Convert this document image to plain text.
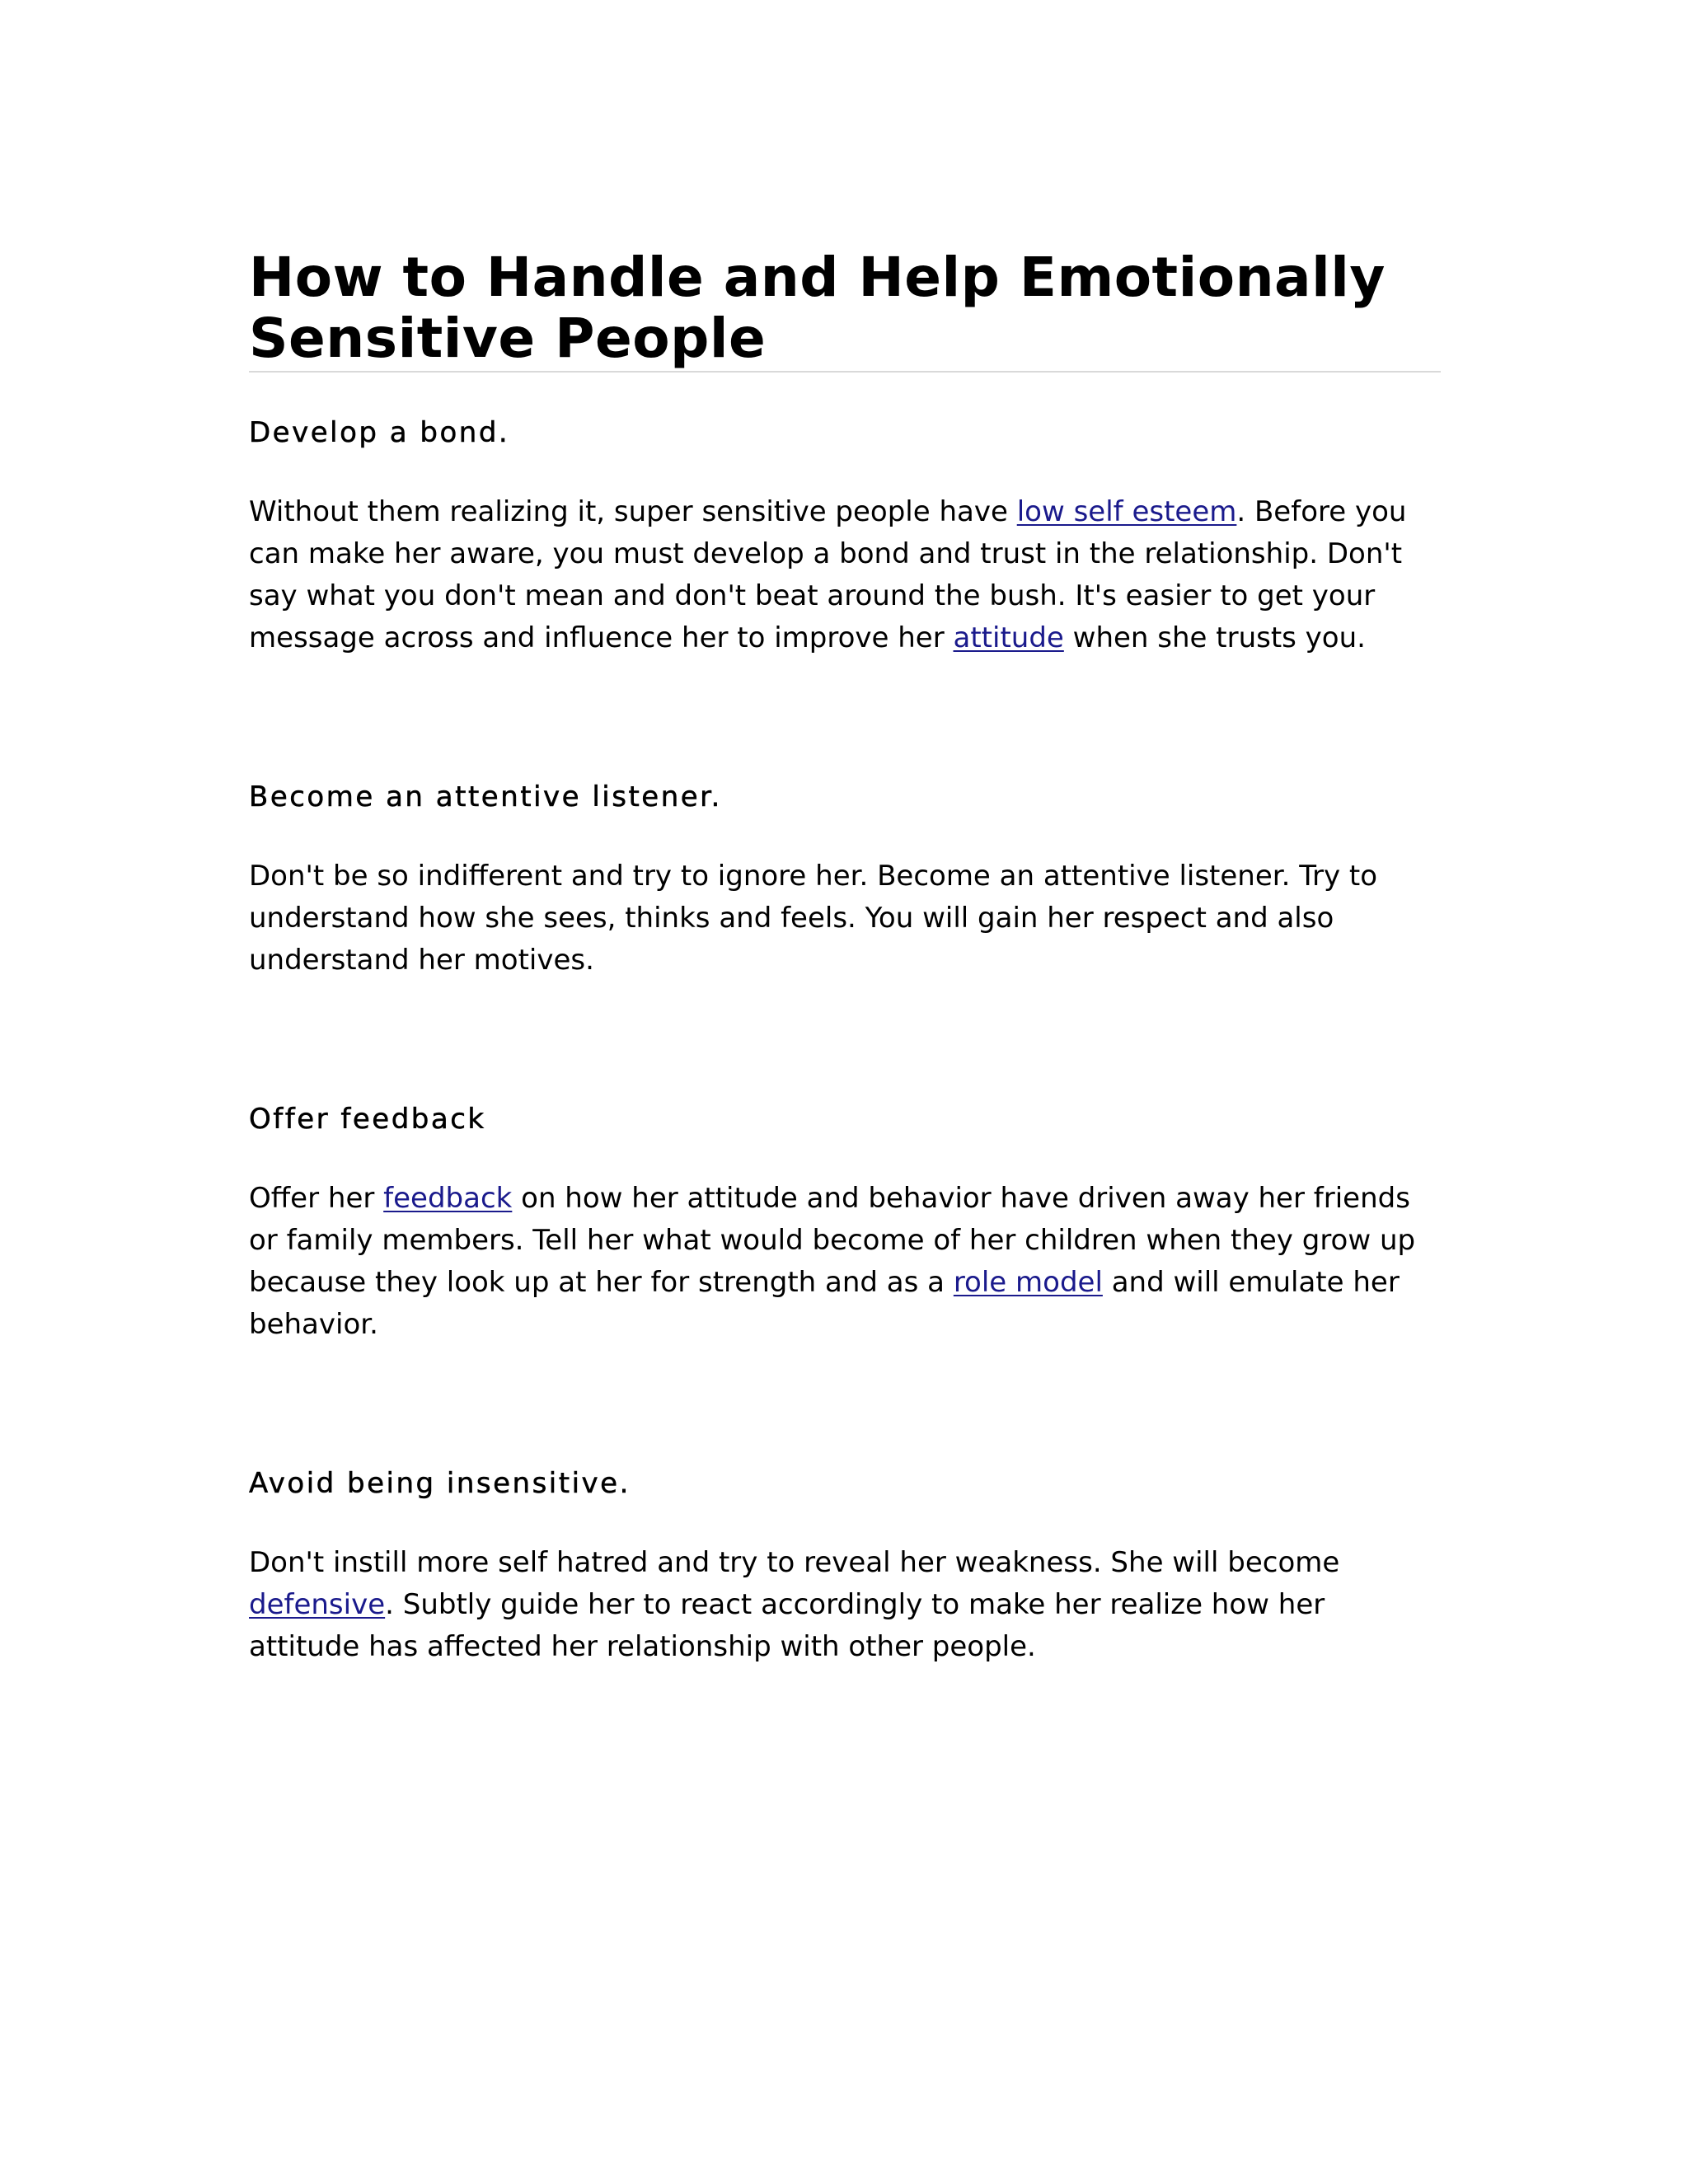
How to Handle and Help Emotionally Sensitive People
Develop a bond.

Without them realizing it, super sensitive people have low self esteem. Before you can make her aware, you must develop a bond and trust in the relationship. Don't say what you don't mean and don't beat around the bush. It's easier to get your message across and influence her to improve her attitude when she trusts you.

Become an attentive listener.

Don't be so indifferent and try to ignore her. Become an attentive listener. Try to understand how she sees, thinks and feels. You will gain her respect and also understand her motives.

Offer feedback

Offer her feedback on how her attitude and behavior have driven away her friends or family members. Tell her what would become of her children when they grow up because they look up at her for strength and as a role model and will emulate her behavior.

Avoid being insensitive.

Don't instill more self hatred and try to reveal her weakness. She will become defensive. Subtly guide her to react accordingly to make her realize how her attitude has affected her relationship with other people.
